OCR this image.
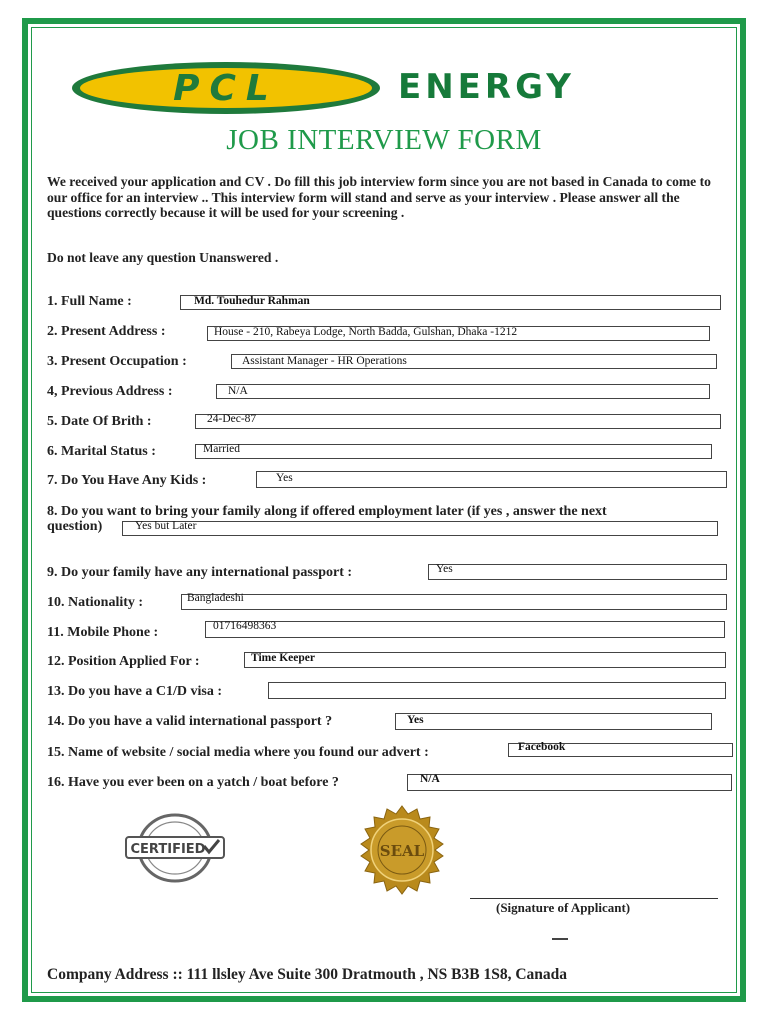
PCL	ENERGY
JOB INTERVIEW FORM
We received your application and CV . Do fill this job interview form since you are not based in Canada to come to our office for an interview .. This interview form will stand and serve as your interview . Please answer all the questions correctly because it will be used for your screening .
Do not leave any question Unanswered .
1. Full Name :	Md. Touhedur Rahman
2. Present Address :	House - 210, Rabeya Lodge, North Badda, Gulshan, Dhaka -1212
3. Present Occupation :	Assistant Manager - HR Operations
4, Previous Address :	N/A
5. Date Of Brith :	24-Dec-87
6. Marital Status :	Married
7. Do You Have Any Kids :	Yes
8. Do you want to bring your family along if offered employment later (if yes , answer the next
question)	Yes but Later
9. Do your family have any international passport :	Yes
10. Nationality :	Bangladeshi
11. Mobile Phone :	01716498363
12. Position Applied For :	Time Keeper
13. Do you have a C1/D visa :
14. Do you have a valid international passport ?	Yes
15. Name of website / social media where you found our advert :	Facebook
16. Have you ever been on a yatch / boat before ?	N/A
CERTIFIED	SEAL
(Signature of Applicant)
Company Address :: 111 llsley Ave Suite 300 Dratmouth , NS B3B 1S8, Canada
